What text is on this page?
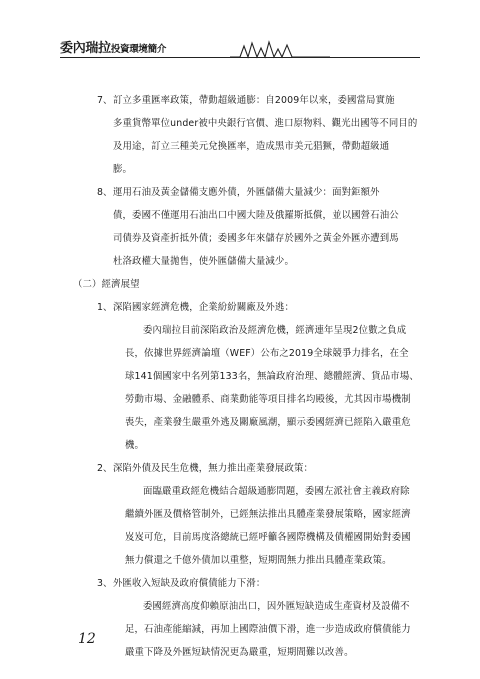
委內瑞拉投資環境簡介
7、 訂立多重匯率政策，帶動超級通膨：自2009年以來，委國當局實施
多重貨幣單位under被中央銀行官價、進口原物料、觀光出國等不同目的
及用途，訂立三種美元兌換匯率，造成黑市美元猖獗，帶動超級通
膨。
8、 運用石油及黃金儲備支應外債，外匯儲備大量減少：面對鉅額外
債，委國不僅運用石油出口中國大陸及俄羅斯抵償，並以國營石油公
司債券及資產折抵外債；委國多年來儲存於國外之黃金外匯亦遭到馬
杜洛政權大量拋售，使外匯儲備大量減少。
（二）經濟展望
1、 深陷國家經濟危機，企業紛紛關廠及外逃：
委內瑞拉目前深陷政治及經濟危機，經濟連年呈現2位數之負成
長，依據世界經濟論壇（WEF）公布之2019全球競爭力排名，在全
球141個國家中名列第133名，無論政府治理、總體經濟、貨品市場、
勞動市場、金融體系、商業動能等項目排名均殿後，尤其因市場機制
喪失，產業發生嚴重外逃及關廠風潮，顯示委國經濟已經陷入嚴重危
機。
2、 深陷外債及民生危機，無力推出產業發展政策：
面臨嚴重政經危機結合超級通膨問題，委國左派社會主義政府除
繼續外匯及價格管制外，已經無法推出具體產業發展策略，國家經濟
岌岌可危，目前馬度洛總統已經呼籲各國際機構及債權國開始對委國
無力償還之千億外債加以重整，短期間無力推出具體產業政策。
3、 外匯收入短缺及政府償債能力下滑：
委國經濟高度仰賴原油出口，因外匯短缺造成生產資材及設備不
足，石油產能縮減，再加上國際油價下滑，進一步造成政府償債能力
嚴重下降及外匯短缺情況更為嚴重，短期間難以改善。
12
